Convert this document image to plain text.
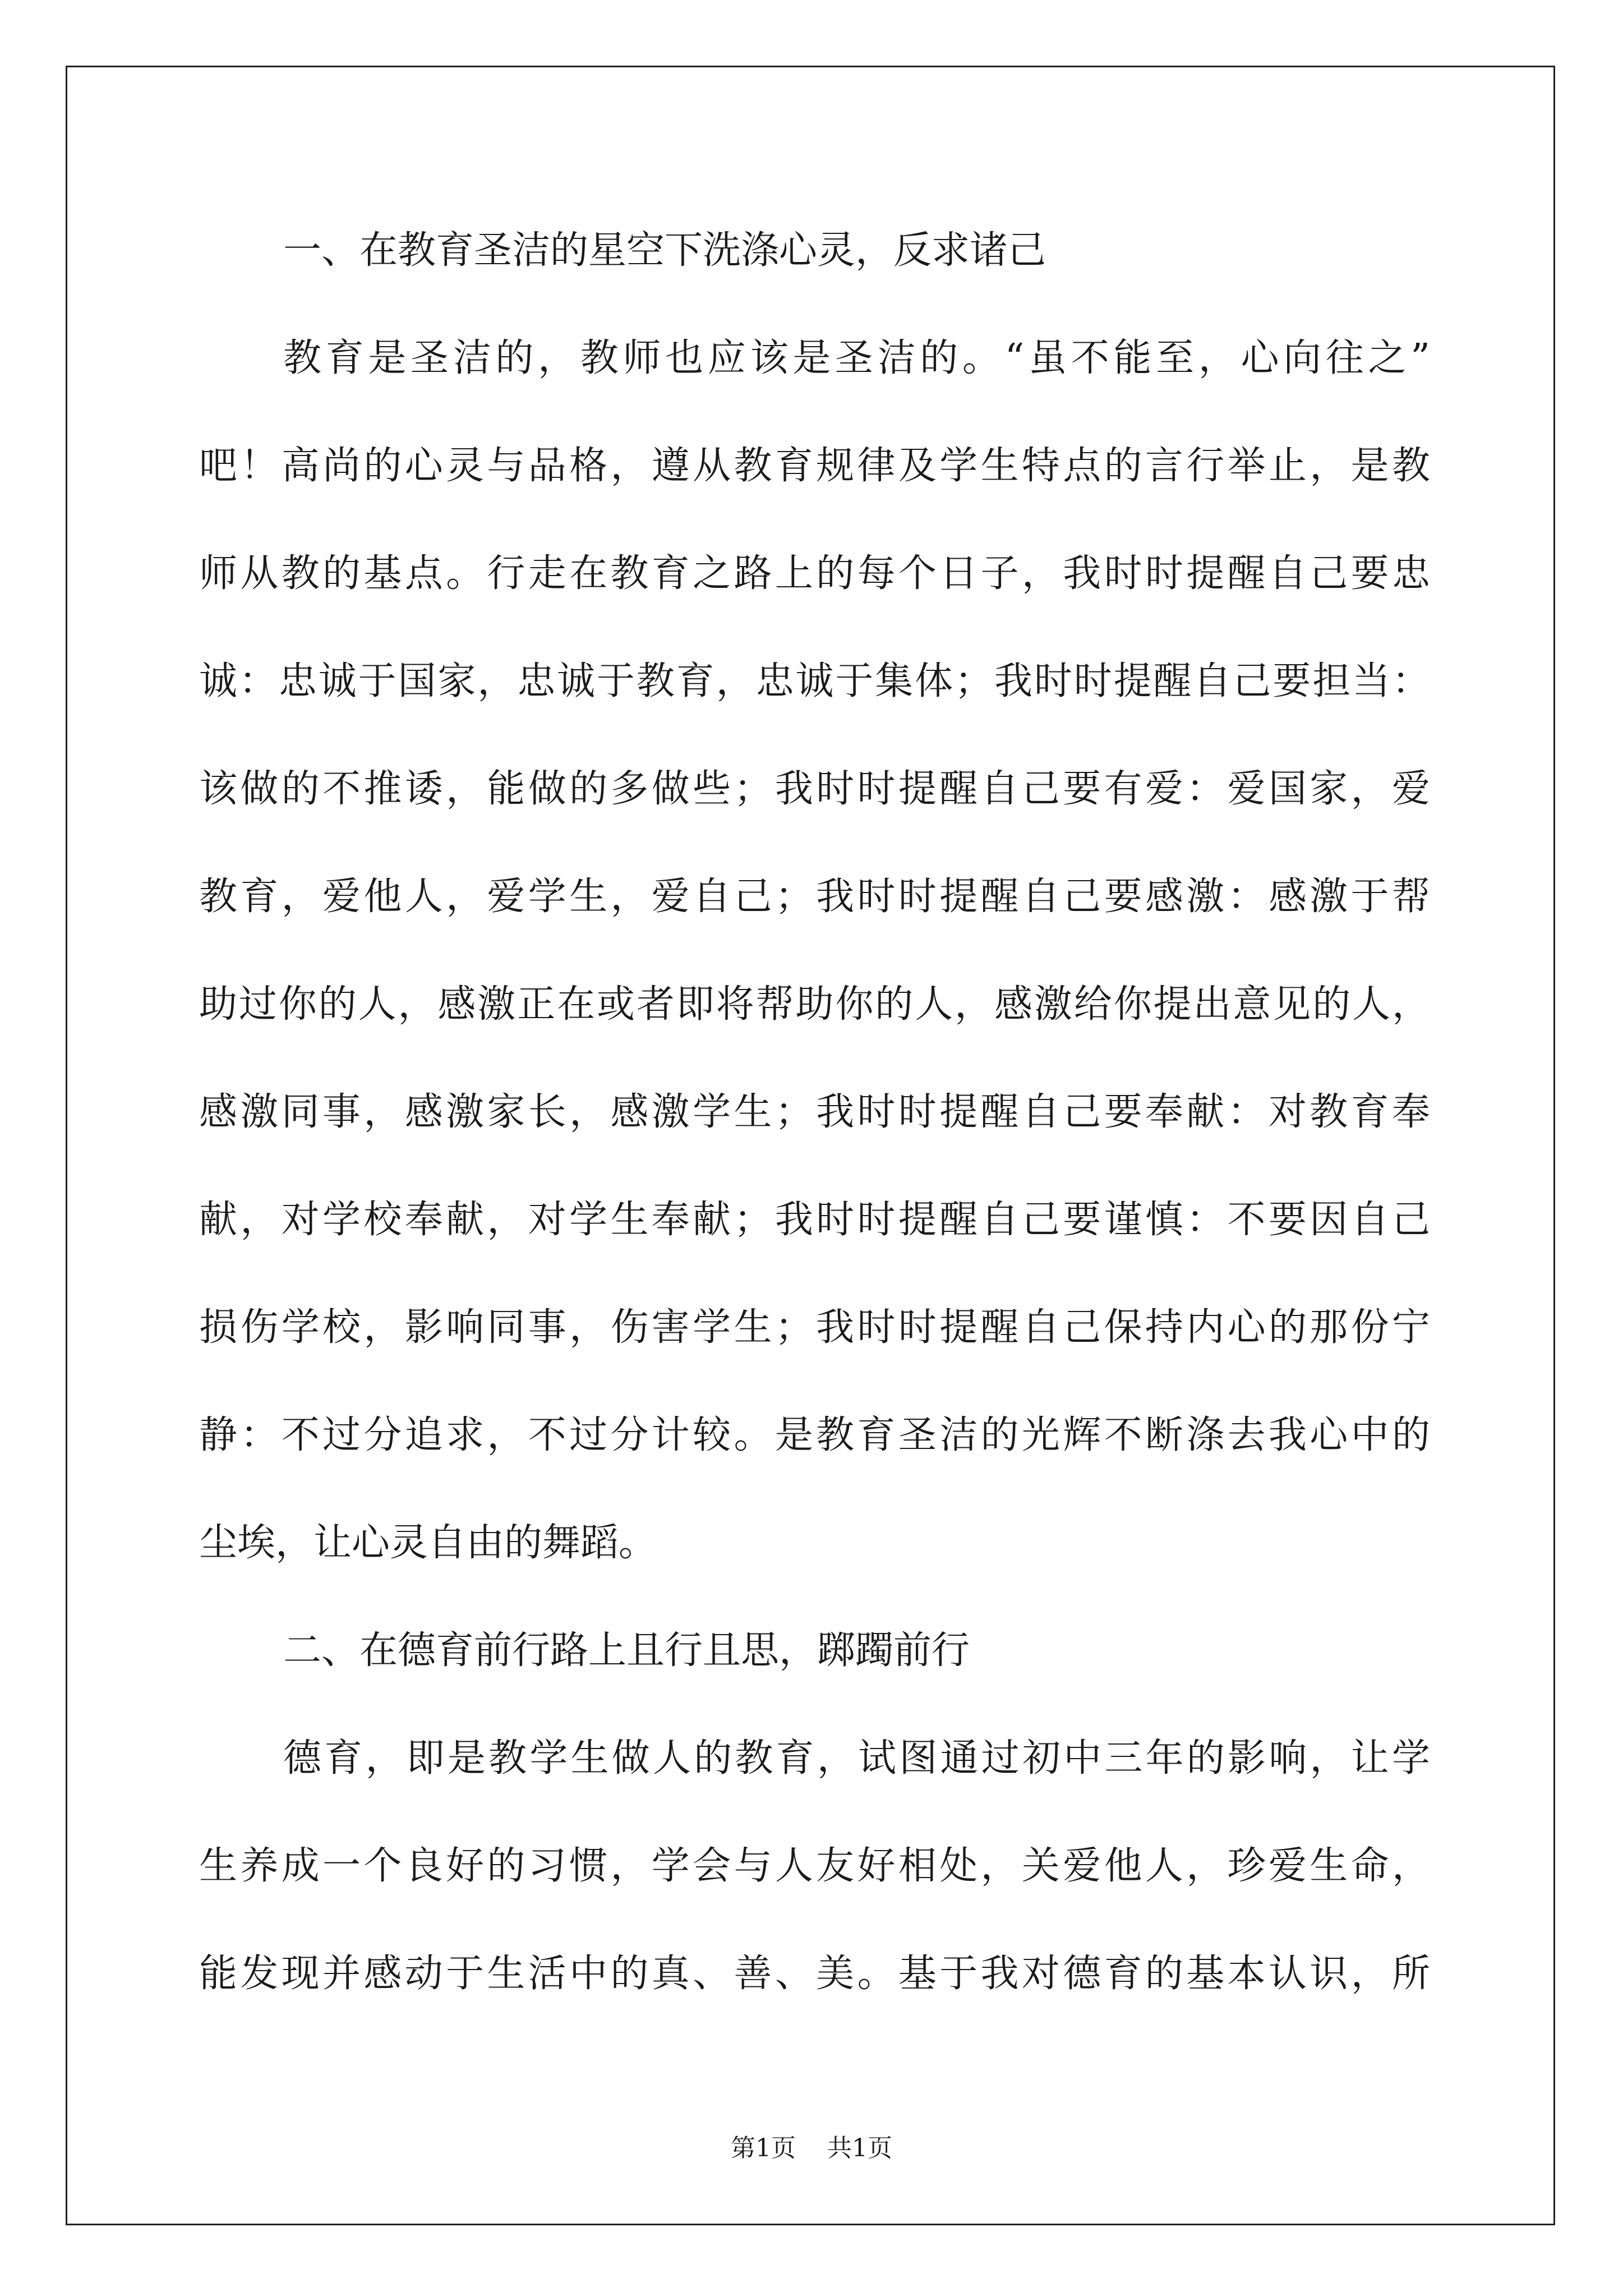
一、在教育圣洁的星空下洗涤心灵，反求诸己
教育是圣洁的，教师也应该是圣洁的。“虽不能至，心向往之”
吧！高尚的心灵与品格，遵从教育规律及学生特点的言行举止，是教
师从教的基点。行走在教育之路上的每个日子，我时时提醒自己要忠
诚：忠诚于国家，忠诚于教育，忠诚于集体；我时时提醒自己要担当：
该做的不推诿，能做的多做些；我时时提醒自己要有爱：爱国家，爱
教育，爱他人，爱学生，爱自己；我时时提醒自己要感激：感激于帮
助过你的人，感激正在或者即将帮助你的人，感激给你提出意见的人，
感激同事，感激家长，感激学生；我时时提醒自己要奉献：对教育奉
献，对学校奉献，对学生奉献；我时时提醒自己要谨慎：不要因自己
损伤学校，影响同事，伤害学生；我时时提醒自己保持内心的那份宁
静：不过分追求，不过分计较。是教育圣洁的光辉不断涤去我心中的
尘埃，让心灵自由的舞蹈。
二、在德育前行路上且行且思，踯躅前行
德育，即是教学生做人的教育，试图通过初中三年的影响，让学
生养成一个良好的习惯，学会与人友好相处，关爱他人，珍爱生命，
能发现并感动于生活中的真、善、美。基于我对德育的基本认识，所
第1页 共1页
